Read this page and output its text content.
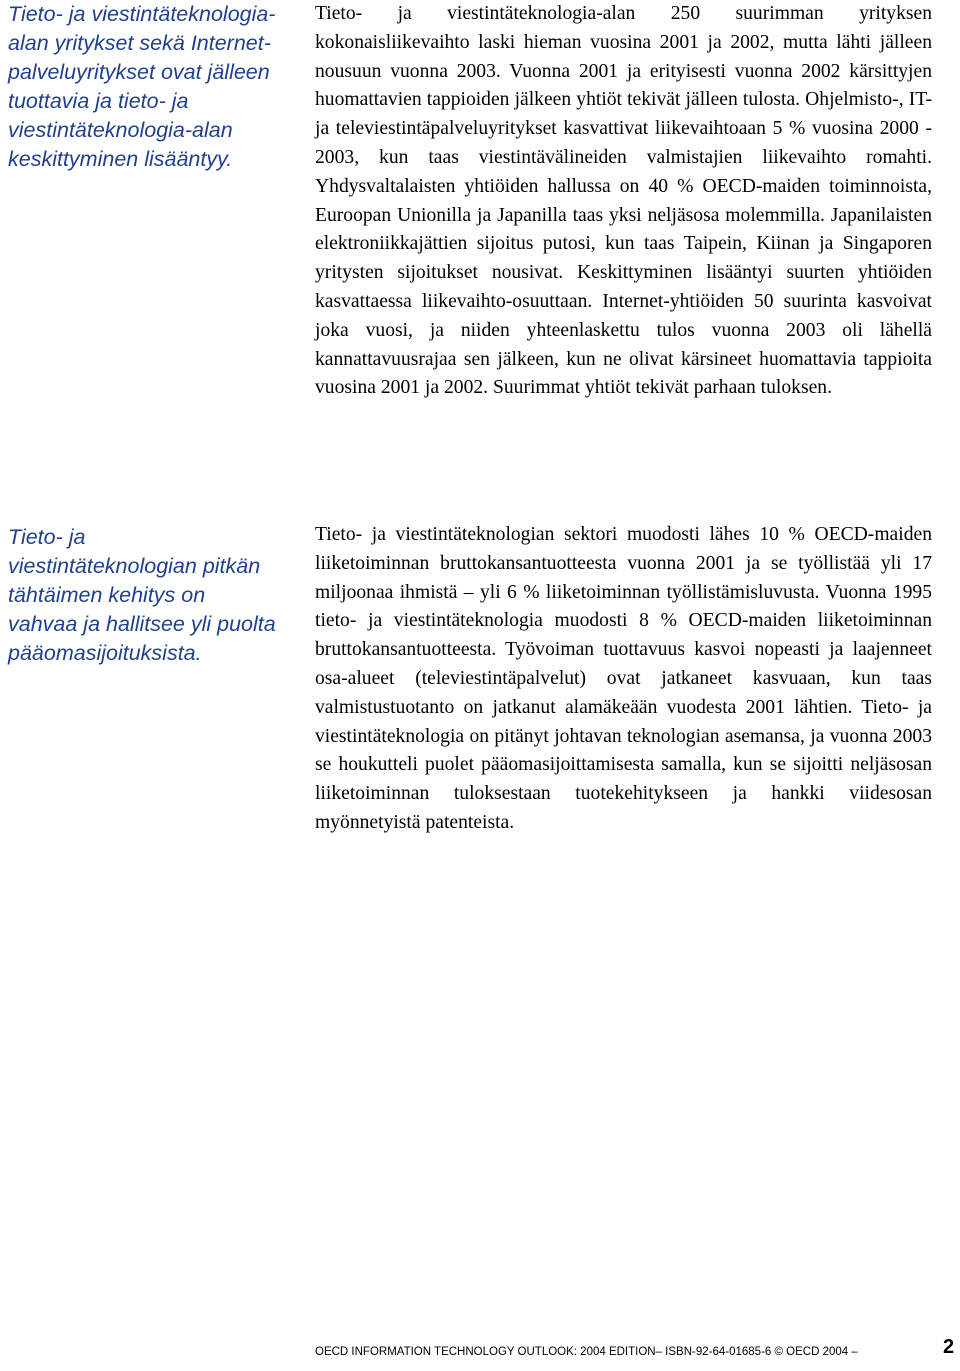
Tieto- ja viestintäteknologia-alan yritykset sekä Internet-palveluyritykset ovat jälleen tuottavia ja tieto- ja viestintäteknologia-alan keskittyminen lisääntyy.

Tieto- ja viestintäteknologia-alan 250 suurimman yrityksen kokonaisliikevaihto laski hieman vuosina 2001 ja 2002, mutta lähti jälleen nousuun vuonna 2003. Vuonna 2001 ja erityisesti vuonna 2002 kärsittyjen huomattavien tappioiden jälkeen yhtiöt tekivät jälleen tulosta. Ohjelmisto-, IT- ja televiestintäpalveluyritykset kasvattivat liikevaihtoaan 5 % vuosina 2000 - 2003, kun taas viestintävälineiden valmistajien liikevaihto romahti. Yhdysvaltalaisten yhtiöiden hallussa on 40 % OECD-maiden toiminnoista, Euroopan Unionilla ja Japanilla taas yksi neljäsosa molemmilla. Japanilaisten elektroniikkajättien sijoitus putosi, kun taas Taipein, Kiinan ja Singaporen yritysten sijoitukset nousivat. Keskittyminen lisääntyi suurten yhtiöiden kasvattaessa liikevaihto-osuuttaan. Internet-yhtiöiden 50 suurinta kasvoivat joka vuosi, ja niiden yhteenlaskettu tulos vuonna 2003 oli lähellä kannattavuusrajaa sen jälkeen, kun ne olivat kärsineet huomattavia tappioita vuosina 2001 ja 2002. Suurimmat yhtiöt tekivät parhaan tuloksen.

Tieto- ja viestintäteknologian pitkän tähtäimen kehitys on vahvaa ja hallitsee yli puolta pääomasijoituksista.

Tieto- ja viestintäteknologian sektori muodosti lähes 10 % OECD-maiden liiketoiminnan bruttokansantuotteesta vuonna 2001 ja se työllistää yli 17 miljoonaa ihmistä – yli 6 % liiketoiminnan työllistämisluvusta. Vuonna 1995 tieto- ja viestintäteknologia muodosti 8 % OECD-maiden liiketoiminnan bruttokansantuotteesta. Työvoiman tuottavuus kasvoi nopeasti ja laajenneet osa-alueet (televiestintäpalvelut) ovat jatkaneet kasvuaan, kun taas valmistustuotanto on jatkanut alamäkeään vuodesta 2001 lähtien. Tieto- ja viestintäteknologia on pitänyt johtavan teknologian asemansa, ja vuonna 2003 se houkutteli puolet pääomasijoittamisesta samalla, kun se sijoitti neljäsosan liiketoiminnan tuloksestaan tuotekehitykseen ja hankki viidesosan myönnetyistä patenteista.

OECD INFORMATION TECHNOLOGY OUTLOOK: 2004 EDITION– ISBN-92-64-01685-6 © OECD 2004 –	2
